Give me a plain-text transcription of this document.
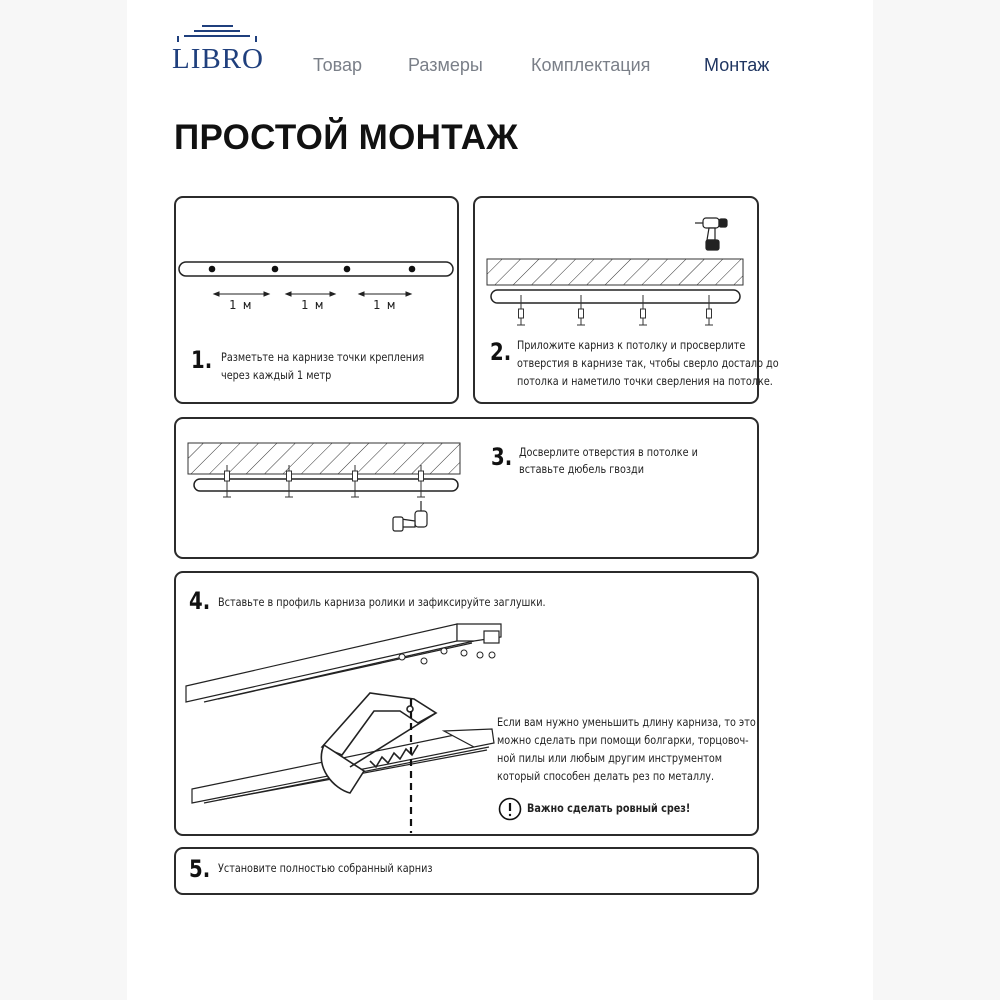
LIBRO	Товар	Размеры	Комплектация	Монтаж
ПРОСТОЙ МОНТАЖ
1 м	1 м	1 м
1. Разметьте на карнизе точки крепления
через каждый 1 метр
2. Приложите карниз к потолку и просверлите
отверстия в карнизе так, чтобы сверло достало до
потолка и наметило точки сверления на потолке.
3. Досверлите отверстия в потолке и
вставьте дюбель гвозди
4. Вставьте в профиль карниза ролики и зафиксируйте заглушки.
Если вам нужно уменьшить длину карниза, то это
можно сделать при помощи болгарки, торцовоч-
ной пилы или любым другим инструментом
который способен делать рез по металлу.
Важно сделать ровный срез!
5. Установите полностью собранный карниз
